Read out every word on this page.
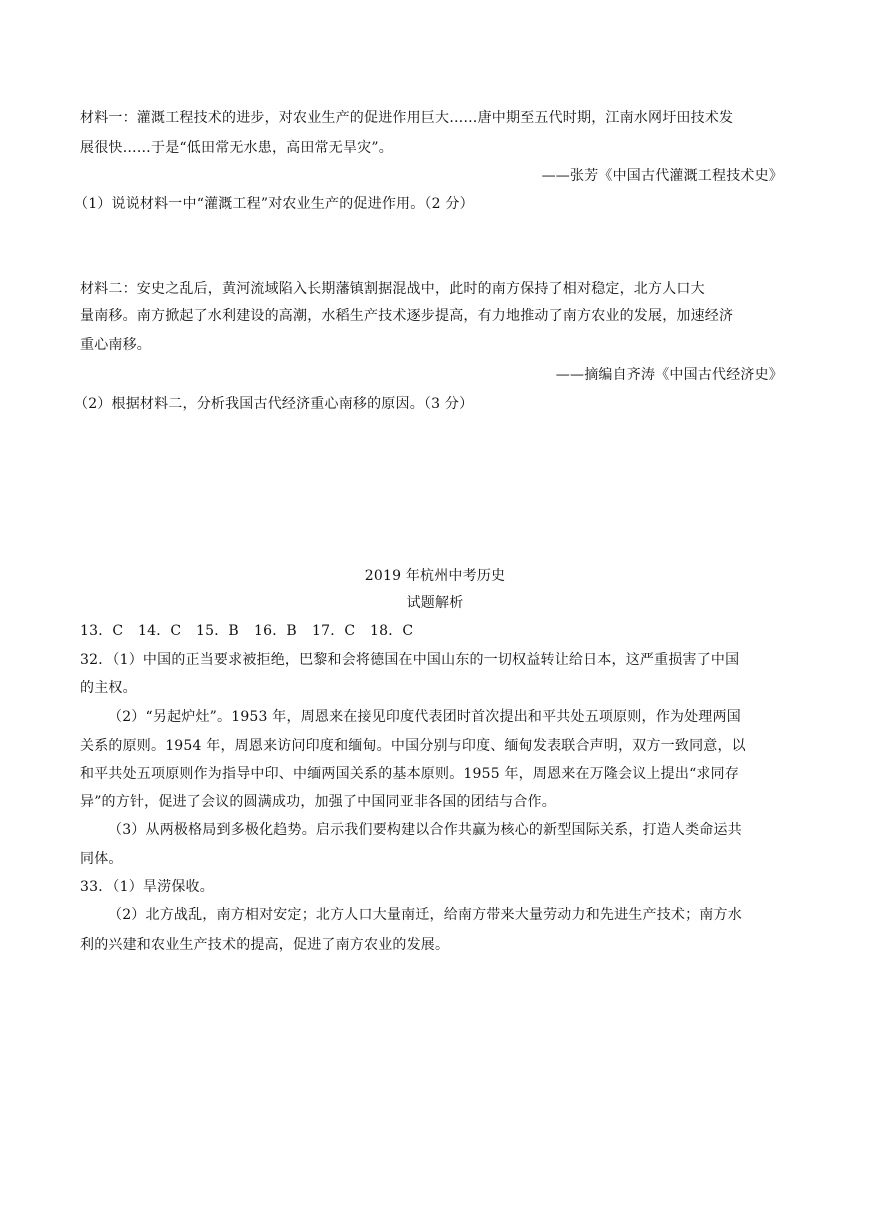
材料一：灌溉工程技术的进步，对农业生产的促进作用巨大……唐中期至五代时期，江南水网圩田技术发
展很快……于是“低田常无水患，高田常无旱灾”。
——张芳《中国古代灌溉工程技术史》
（1）说说材料一中“灌溉工程”对农业生产的促进作用。（2 分）
材料二：安史之乱后，黄河流域陷入长期藩镇割据混战中，此时的南方保持了相对稳定，北方人口大
量南移。南方掀起了水利建设的高潮，水稻生产技术逐步提高，有力地推动了南方农业的发展，加速经济
重心南移。
——摘编自齐涛《中国古代经济史》
（2）根据材料二，分析我国古代经济重心南移的原因。（3 分）
2019 年杭州中考历史
试题解析
13．C	14．C	15．B	16．B	17．C	18．C
32．（1）中国的正当要求被拒绝，巴黎和会将德国在中国山东的一切权益转让给日本，这严重损害了中国
的主权。
（2）“另起炉灶”。1953 年，周恩来在接见印度代表团时首次提出和平共处五项原则，作为处理两国
关系的原则。1954 年，周恩来访问印度和缅甸。中国分别与印度、缅甸发表联合声明，双方一致同意，以
和平共处五项原则作为指导中印、中缅两国关系的基本原则。1955 年，周恩来在万隆会议上提出“求同存
异”的方针，促进了会议的圆满成功，加强了中国同亚非各国的团结与合作。
（3）从两极格局到多极化趋势。启示我们要构建以合作共赢为核心的新型国际关系，打造人类命运共
同体。
33．（1）旱涝保收。
（2）北方战乱，南方相对安定；北方人口大量南迁，给南方带来大量劳动力和先进生产技术；南方水
利的兴建和农业生产技术的提高，促进了南方农业的发展。
